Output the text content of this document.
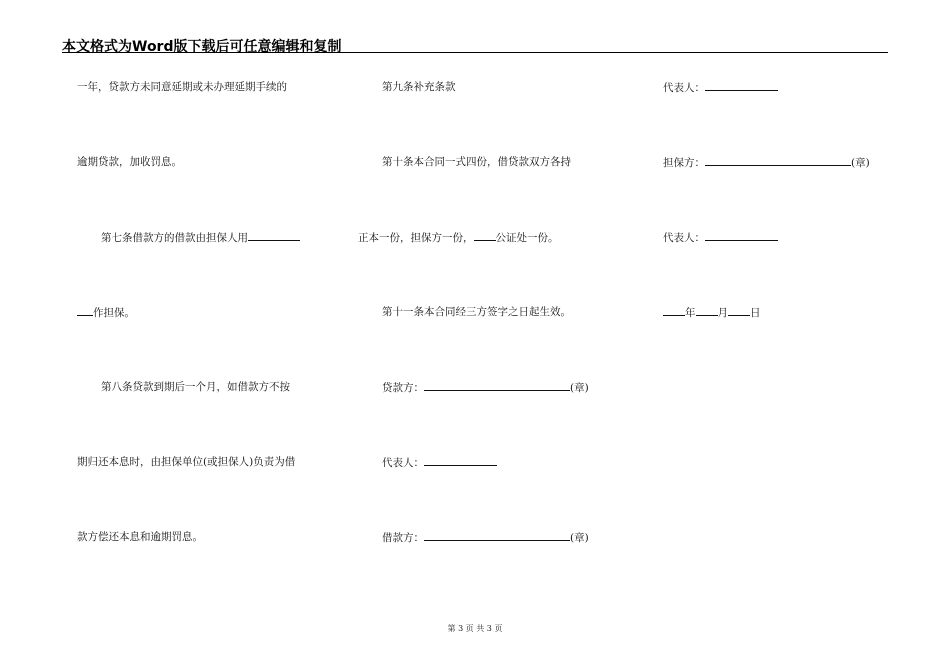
本文格式为Word版下载后可任意编辑和复制
一年，贷款方未同意延期或未办理延期手续的
逾期贷款，加收罚息。
第七条借款方的借款由担保人用
作担保。
第八条贷款到期后一个月，如借款方不按
期归还本息时，由担保单位(或担保人)负责为借
款方偿还本息和逾期罚息。
第九条补充条款
第十条本合同一式四份，借贷款双方各持
正本一份，担保方一份， 公证处一份。
第十一条本合同经三方签字之日起生效。
贷款方：	(章)
代表人：
借款方：	(章)
代表人：
担保方：	(章)
代表人：
年 月 日
第 3 页 共 3 页
